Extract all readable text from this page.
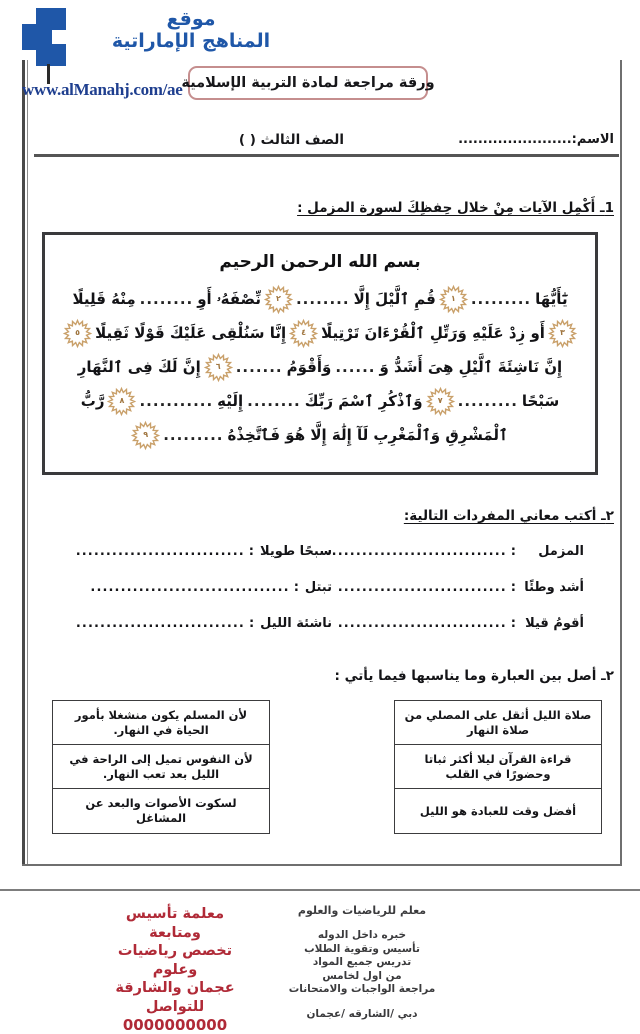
موقع
المناهج الإماراتية
www.alManahj.com/ae
ورقة مراجعة لمادة التربية الإسلامية
الاسم:.......................
الصف الثالث ( )
1ـ أَكْمِل الآيات مِنْ خلال حِفظِكَ لسورة المزمل :
بسم الله الرحمن الرحيم
يَٰٓأَيُّهَا
.........
١
قُمِ ٱلَّيْلَ إِلَّا
........
٢
نِّصْفَهُۥ أَوِ
........
مِنْهُ قَلِيلًا
٣
أَو زِدْ عَلَيْهِ وَرَتِّلِ ٱلْقُرْءَانَ تَرْتِيلًا
٤
إِنَّا سَنُلْقِى عَلَيْكَ قَوْلًا ثَقِيلًا
٥
إِنَّ نَاشِئَةَ ٱلَّيْلِ هِىَ أَشَدُّ وَ
......
وَأَقْوَمُ
.......
٦
إِنَّ لَكَ فِى ٱلنَّهَارِ
سَبْحًا
.........
٧
وَٱذْكُرِ ٱسْمَ رَبِّكَ
........
إِلَيْهِ
...........
٨
رَّبُّ
ٱلْمَشْرِقِ وَٱلْمَغْرِبِ لَآ إِلَٰهَ إِلَّا هُوَ فَٱتَّخِذْهُ
.........
٩
٢ـ أكتب معاني المفردات التالية:
المزمل
:
..............................
سبحًا طويلا
:
............................
أشد وطئًا
:
............................
تبتل
:
.................................
أقومُ قيلا
:
............................
ناشئة الليل
:
............................
٢ـ أصل بين العبارة وما يناسبها فيما يأتي :
صلاة الليل أثقل على المصلي من صلاة النهار
قراءة القرآن ليلا أكثر ثباتا وحضورًا في القلب
أفضل وقت للعبادة هو الليل
لأن المسلم يكون منشغلا بأمور الحياة في النهار.
لأن النفوس تميل إلى الراحة في الليل بعد تعب النهار.
لسكوت الأصوات والبعد عن المشاغل
معلم للرياضيات والعلوم
خبره داخل الدوله
تأسيس وتقوية الطلاب
تدريس جميع المواد
من اول لخامس
مراجعة الواجبات والامتحانات
دبي /الشارقه /عجمان
معلمة تأسيس
ومتابعة
تخصص رياضيات
وعلوم
عجمان والشارقة
للتواصل
0000000000
